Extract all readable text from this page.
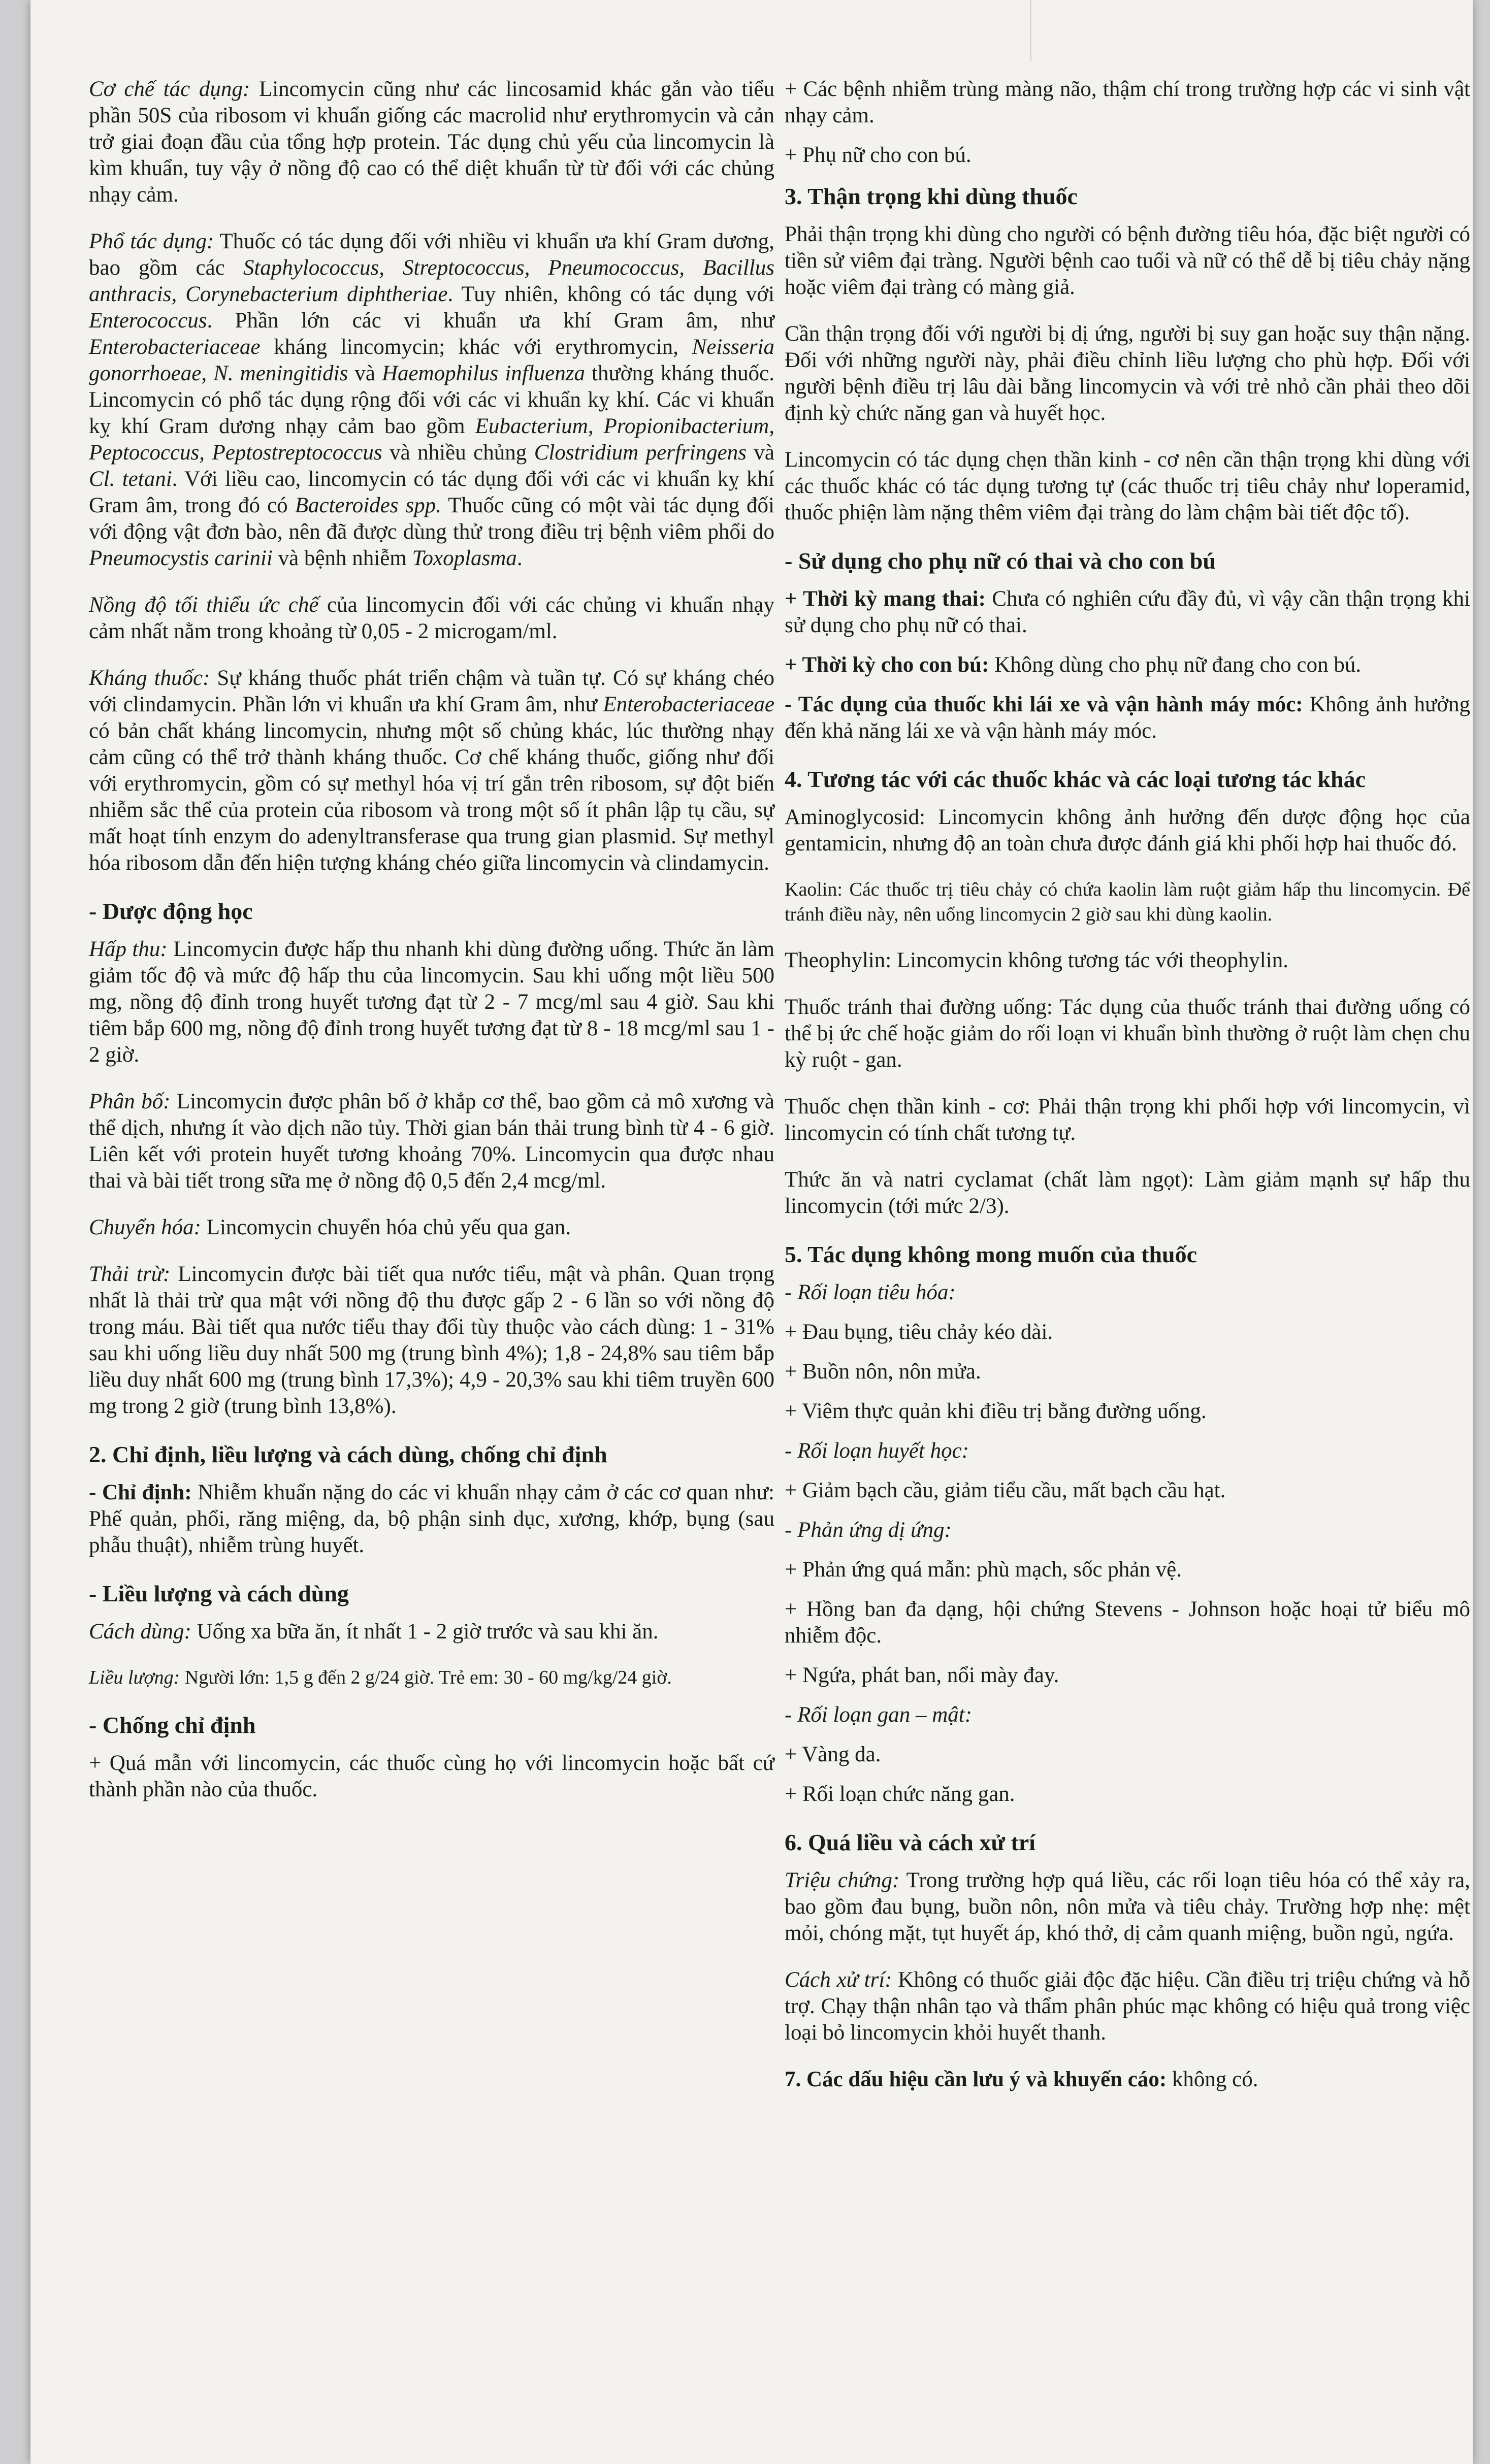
Cơ chế tác dụng: Lincomycin cũng như các lincosamid khác gắn vào tiểu phần 50S của ribosom vi khuẩn giống các macrolid như erythromycin và cản trở giai đoạn đầu của tổng hợp protein. Tác dụng chủ yếu của lincomycin là kìm khuẩn, tuy vậy ở nồng độ cao có thể diệt khuẩn từ từ đối với các chủng nhạy cảm.

Phổ tác dụng: Thuốc có tác dụng đối với nhiều vi khuẩn ưa khí Gram dương, bao gồm các Staphylococcus, Streptococcus, Pneumococcus, Bacillus anthracis, Corynebacterium diphtheriae. Tuy nhiên, không có tác dụng với Enterococcus. Phần lớn các vi khuẩn ưa khí Gram âm, như Enterobacteriaceae kháng lincomycin; khác với erythromycin, Neisseria gonorrhoeae, N. meningitidis và Haemophilus influenza thường kháng thuốc. Lincomycin có phổ tác dụng rộng đối với các vi khuẩn kỵ khí. Các vi khuẩn kỵ khí Gram dương nhạy cảm bao gồm Eubacterium, Propionibacterium, Peptococcus, Peptostreptococcus và nhiều chủng Clostridium perfringens và Cl. tetani. Với liều cao, lincomycin có tác dụng đối với các vi khuẩn kỵ khí Gram âm, trong đó có Bacteroides spp. Thuốc cũng có một vài tác dụng đối với động vật đơn bào, nên đã được dùng thử trong điều trị bệnh viêm phổi do Pneumocystis carinii và bệnh nhiễm Toxoplasma.

Nồng độ tối thiểu ức chế của lincomycin đối với các chủng vi khuẩn nhạy cảm nhất nằm trong khoảng từ 0,05 - 2 microgam/ml.

Kháng thuốc: Sự kháng thuốc phát triển chậm và tuần tự. Có sự kháng chéo với clindamycin. Phần lớn vi khuẩn ưa khí Gram âm, như Enterobacteriaceae có bản chất kháng lincomycin, nhưng một số chủng khác, lúc thường nhạy cảm cũng có thể trở thành kháng thuốc. Cơ chế kháng thuốc, giống như đối với erythromycin, gồm có sự methyl hóa vị trí gắn trên ribosom, sự đột biến nhiễm sắc thể của protein của ribosom và trong một số ít phân lập tụ cầu, sự mất hoạt tính enzym do adenyltransferase qua trung gian plasmid. Sự methyl hóa ribosom dẫn đến hiện tượng kháng chéo giữa lincomycin và clindamycin.

- Dược động học

Hấp thu: Lincomycin được hấp thu nhanh khi dùng đường uống. Thức ăn làm giảm tốc độ và mức độ hấp thu của lincomycin. Sau khi uống một liều 500 mg, nồng độ đỉnh trong huyết tương đạt từ 2 - 7 mcg/ml sau 4 giờ. Sau khi tiêm bắp 600 mg, nồng độ đỉnh trong huyết tương đạt từ 8 - 18 mcg/ml sau 1 - 2 giờ.

Phân bố: Lincomycin được phân bố ở khắp cơ thể, bao gồm cả mô xương và thể dịch, nhưng ít vào dịch não tủy. Thời gian bán thải trung bình từ 4 - 6 giờ. Liên kết với protein huyết tương khoảng 70%. Lincomycin qua được nhau thai và bài tiết trong sữa mẹ ở nồng độ 0,5 đến 2,4 mcg/ml.

Chuyển hóa: Lincomycin chuyển hóa chủ yếu qua gan.

Thải trừ: Lincomycin được bài tiết qua nước tiểu, mật và phân. Quan trọng nhất là thải trừ qua mật với nồng độ thu được gấp 2 - 6 lần so với nồng độ trong máu. Bài tiết qua nước tiểu thay đổi tùy thuộc vào cách dùng: 1 - 31% sau khi uống liều duy nhất 500 mg (trung bình 4%); 1,8 - 24,8% sau tiêm bắp liều duy nhất 600 mg (trung bình 17,3%); 4,9 - 20,3% sau khi tiêm truyền 600 mg trong 2 giờ (trung bình 13,8%).

2. Chỉ định, liều lượng và cách dùng, chống chỉ định

- Chỉ định: Nhiễm khuẩn nặng do các vi khuẩn nhạy cảm ở các cơ quan như: Phế quản, phổi, răng miệng, da, bộ phận sinh dục, xương, khớp, bụng (sau phẫu thuật), nhiễm trùng huyết.

- Liều lượng và cách dùng

Cách dùng: Uống xa bữa ăn, ít nhất 1 - 2 giờ trước và sau khi ăn.

Liều lượng: Người lớn: 1,5 g đến 2 g/24 giờ. Trẻ em: 30 - 60 mg/kg/24 giờ.

- Chống chỉ định

+ Quá mẫn với lincomycin, các thuốc cùng họ với lincomycin hoặc bất cứ thành phần nào của thuốc.

+ Các bệnh nhiễm trùng màng não, thậm chí trong trường hợp các vi sinh vật nhạy cảm.

+ Phụ nữ cho con bú.

3. Thận trọng khi dùng thuốc

Phải thận trọng khi dùng cho người có bệnh đường tiêu hóa, đặc biệt người có tiền sử viêm đại tràng. Người bệnh cao tuổi và nữ có thể dễ bị tiêu chảy nặng hoặc viêm đại tràng có màng giả.

Cần thận trọng đối với người bị dị ứng, người bị suy gan hoặc suy thận nặng. Đối với những người này, phải điều chỉnh liều lượng cho phù hợp. Đối với người bệnh điều trị lâu dài bằng lincomycin và với trẻ nhỏ cần phải theo dõi định kỳ chức năng gan và huyết học.

Lincomycin có tác dụng chẹn thần kinh - cơ nên cần thận trọng khi dùng với các thuốc khác có tác dụng tương tự (các thuốc trị tiêu chảy như loperamid, thuốc phiện làm nặng thêm viêm đại tràng do làm chậm bài tiết độc tố).

- Sử dụng cho phụ nữ có thai và cho con bú

+ Thời kỳ mang thai: Chưa có nghiên cứu đầy đủ, vì vậy cần thận trọng khi sử dụng cho phụ nữ có thai.

+ Thời kỳ cho con bú: Không dùng cho phụ nữ đang cho con bú.

- Tác dụng của thuốc khi lái xe và vận hành máy móc: Không ảnh hưởng đến khả năng lái xe và vận hành máy móc.

4. Tương tác với các thuốc khác và các loại tương tác khác

Aminoglycosid: Lincomycin không ảnh hưởng đến dược động học của gentamicin, nhưng độ an toàn chưa được đánh giá khi phối hợp hai thuốc đó.

Kaolin: Các thuốc trị tiêu chảy có chứa kaolin làm ruột giảm hấp thu lincomycin. Để tránh điều này, nên uống lincomycin 2 giờ sau khi dùng kaolin.

Theophylin: Lincomycin không tương tác với theophylin.

Thuốc tránh thai đường uống: Tác dụng của thuốc tránh thai đường uống có thể bị ức chế hoặc giảm do rối loạn vi khuẩn bình thường ở ruột làm chẹn chu kỳ ruột - gan.

Thuốc chẹn thần kinh - cơ: Phải thận trọng khi phối hợp với lincomycin, vì lincomycin có tính chất tương tự.

Thức ăn và natri cyclamat (chất làm ngọt): Làm giảm mạnh sự hấp thu lincomycin (tới mức 2/3).

5. Tác dụng không mong muốn của thuốc

- Rối loạn tiêu hóa:

+ Đau bụng, tiêu chảy kéo dài.

+ Buồn nôn, nôn mửa.

+ Viêm thực quản khi điều trị bằng đường uống.

- Rối loạn huyết học:

+ Giảm bạch cầu, giảm tiểu cầu, mất bạch cầu hạt.

- Phản ứng dị ứng:

+ Phản ứng quá mẫn: phù mạch, sốc phản vệ.

+ Hồng ban đa dạng, hội chứng Stevens - Johnson hoặc hoại tử biểu mô nhiễm độc.

+ Ngứa, phát ban, nổi mày đay.

- Rối loạn gan – mật:

+ Vàng da.

+ Rối loạn chức năng gan.

6. Quá liều và cách xử trí

Triệu chứng: Trong trường hợp quá liều, các rối loạn tiêu hóa có thể xảy ra, bao gồm đau bụng, buồn nôn, nôn mửa và tiêu chảy. Trường hợp nhẹ: mệt mỏi, chóng mặt, tụt huyết áp, khó thở, dị cảm quanh miệng, buồn ngủ, ngứa.

Cách xử trí: Không có thuốc giải độc đặc hiệu. Cần điều trị triệu chứng và hỗ trợ. Chạy thận nhân tạo và thẩm phân phúc mạc không có hiệu quả trong việc loại bỏ lincomycin khỏi huyết thanh.

7. Các dấu hiệu cần lưu ý và khuyến cáo: không có.
